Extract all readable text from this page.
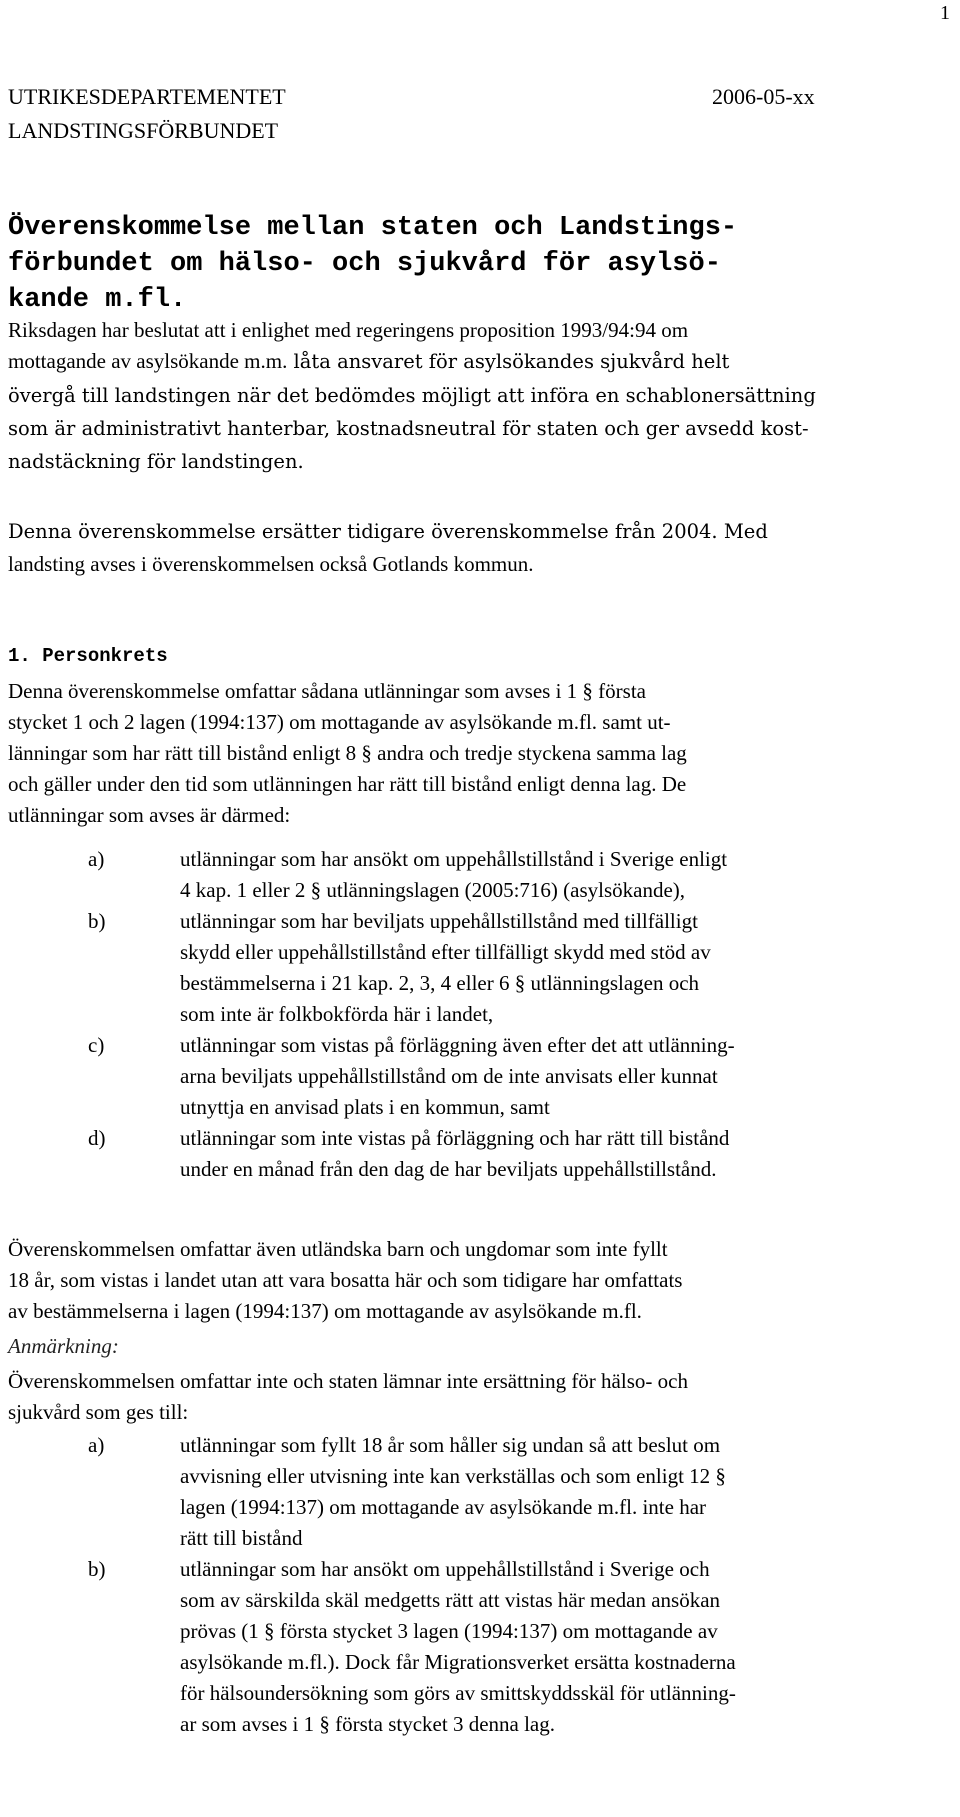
1
UTRIKESDEPARTEMENTET
LANDSTINGSFÖRBUNDET
2006-05-xx
Överenskommelse mellan staten och Landstings-
förbundet om hälso- och sjukvård för asylsö-
kande m.fl.
Riksdagen har beslutat att i enlighet med regeringens proposition 1993/94:94 om
mottagande av asylsökande m.m. låta ansvaret för asylsökandes sjukvård helt
övergå till landstingen när det bedömdes möjligt att införa en schablonersättning
som är administrativt hanterbar, kostnadsneutral för staten och ger avsedd kost-
nadstäckning för landstingen.
Denna överenskommelse ersätter tidigare överenskommelse från 2004. Med
landsting avses i överenskommelsen också Gotlands kommun.
1. Personkrets
Denna överenskommelse omfattar sådana utlänningar som avses i 1 § första
stycket 1 och 2 lagen (1994:137) om mottagande av asylsökande m.fl. samt ut-
länningar som har rätt till bistånd enligt 8 § andra och tredje styckena samma lag
och gäller under den tid som utlänningen har rätt till bistånd enligt denna lag. De
utlänningar som avses är därmed:
a)	utlänningar som har ansökt om uppehållstillstånd i Sverige enligt
4 kap. 1 eller 2 § utlänningslagen (2005:716) (asylsökande),
b)	utlänningar som har beviljats uppehållstillstånd med tillfälligt
skydd eller uppehållstillstånd efter tillfälligt skydd med stöd av
bestämmelserna i 21 kap. 2, 3, 4 eller 6 § utlänningslagen och
som inte är folkbokförda här i landet,
c)	utlänningar som vistas på förläggning även efter det att utlänning-
arna beviljats uppehållstillstånd om de inte anvisats eller kunnat
utnyttja en anvisad plats i en kommun, samt
d)	utlänningar som inte vistas på förläggning och har rätt till bistånd
under en månad från den dag de har beviljats uppehållstillstånd.
Överenskommelsen omfattar även utländska barn och ungdomar som inte fyllt
18 år, som vistas i landet utan att vara bosatta här och som tidigare har omfattats
av bestämmelserna i lagen (1994:137) om mottagande av asylsökande m.fl.
Anmärkning:
Överenskommelsen omfattar inte och staten lämnar inte ersättning för hälso- och
sjukvård som ges till:
a)	utlänningar som fyllt 18 år som håller sig undan så att beslut om
avvisning eller utvisning inte kan verkställas och som enligt 12 §
lagen (1994:137) om mottagande av asylsökande m.fl. inte har
rätt till bistånd
b)	utlänningar som har ansökt om uppehållstillstånd i Sverige och
som av särskilda skäl medgetts rätt att vistas här medan ansökan
prövas (1 § första stycket 3 lagen (1994:137) om mottagande av
asylsökande m.fl.). Dock får Migrationsverket ersätta kostnaderna
för hälsoundersökning som görs av smittskyddsskäl för utlänning-
ar som avses i 1 § första stycket 3 denna lag.
